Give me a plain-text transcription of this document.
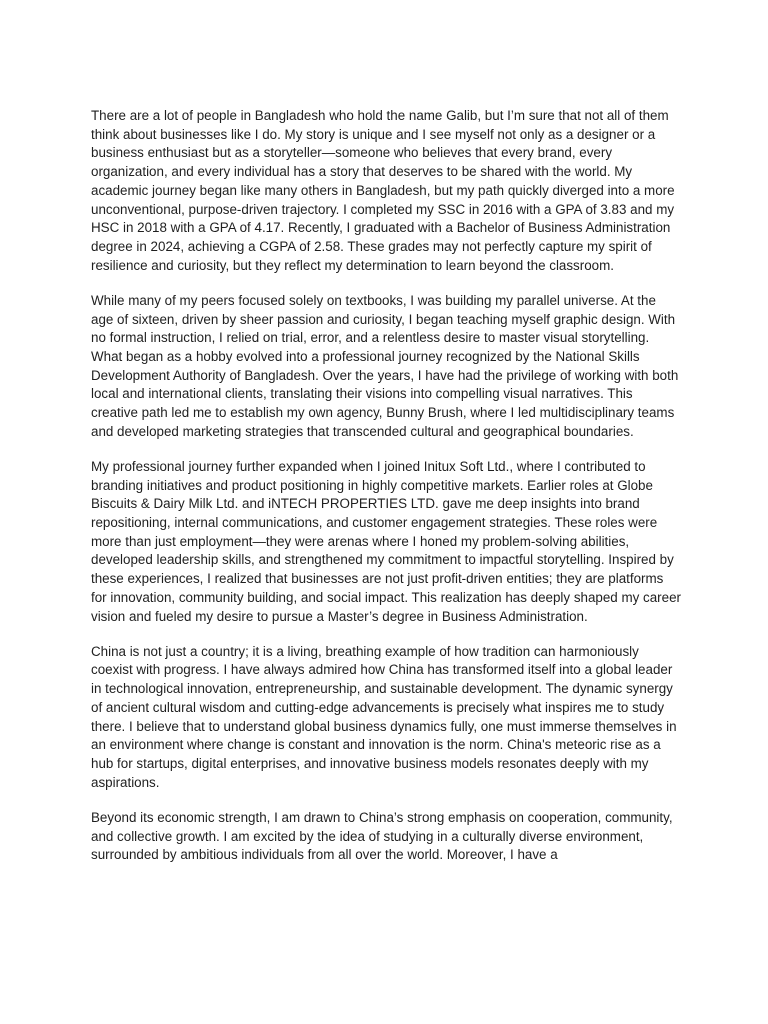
There are a lot of people in Bangladesh who hold the name Galib, but I’m sure that not all of them think about businesses like I do. My story is unique and I see myself not only as a designer or a business enthusiast but as a storyteller—someone who believes that every brand, every organization, and every individual has a story that deserves to be shared with the world. My academic journey began like many others in Bangladesh, but my path quickly diverged into a more unconventional, purpose-driven trajectory. I completed my SSC in 2016 with a GPA of 3.83 and my HSC in 2018 with a GPA of 4.17. Recently, I graduated with a Bachelor of Business Administration degree in 2024, achieving a CGPA of 2.58. These grades may not perfectly capture my spirit of resilience and curiosity, but they reflect my determination to learn beyond the classroom.

While many of my peers focused solely on textbooks, I was building my parallel universe. At the age of sixteen, driven by sheer passion and curiosity, I began teaching myself graphic design. With no formal instruction, I relied on trial, error, and a relentless desire to master visual storytelling. What began as a hobby evolved into a professional journey recognized by the National Skills Development Authority of Bangladesh. Over the years, I have had the privilege of working with both local and international clients, translating their visions into compelling visual narratives. This creative path led me to establish my own agency, Bunny Brush, where I led multidisciplinary teams and developed marketing strategies that transcended cultural and geographical boundaries.

My professional journey further expanded when I joined Initux Soft Ltd., where I contributed to branding initiatives and product positioning in highly competitive markets. Earlier roles at Globe Biscuits & Dairy Milk Ltd. and iNTECH PROPERTIES LTD. gave me deep insights into brand repositioning, internal communications, and customer engagement strategies. These roles were more than just employment—they were arenas where I honed my problem-solving abilities, developed leadership skills, and strengthened my commitment to impactful storytelling. Inspired by these experiences, I realized that businesses are not just profit-driven entities; they are platforms for innovation, community building, and social impact. This realization has deeply shaped my career vision and fueled my desire to pursue a Master’s degree in Business Administration.

China is not just a country; it is a living, breathing example of how tradition can harmoniously coexist with progress. I have always admired how China has transformed itself into a global leader in technological innovation, entrepreneurship, and sustainable development. The dynamic synergy of ancient cultural wisdom and cutting-edge advancements is precisely what inspires me to study there. I believe that to understand global business dynamics fully, one must immerse themselves in an environment where change is constant and innovation is the norm. China's meteoric rise as a hub for startups, digital enterprises, and innovative business models resonates deeply with my aspirations.

Beyond its economic strength, I am drawn to China’s strong emphasis on cooperation, community, and collective growth. I am excited by the idea of studying in a culturally diverse environment, surrounded by ambitious individuals from all over the world. Moreover, I have a
